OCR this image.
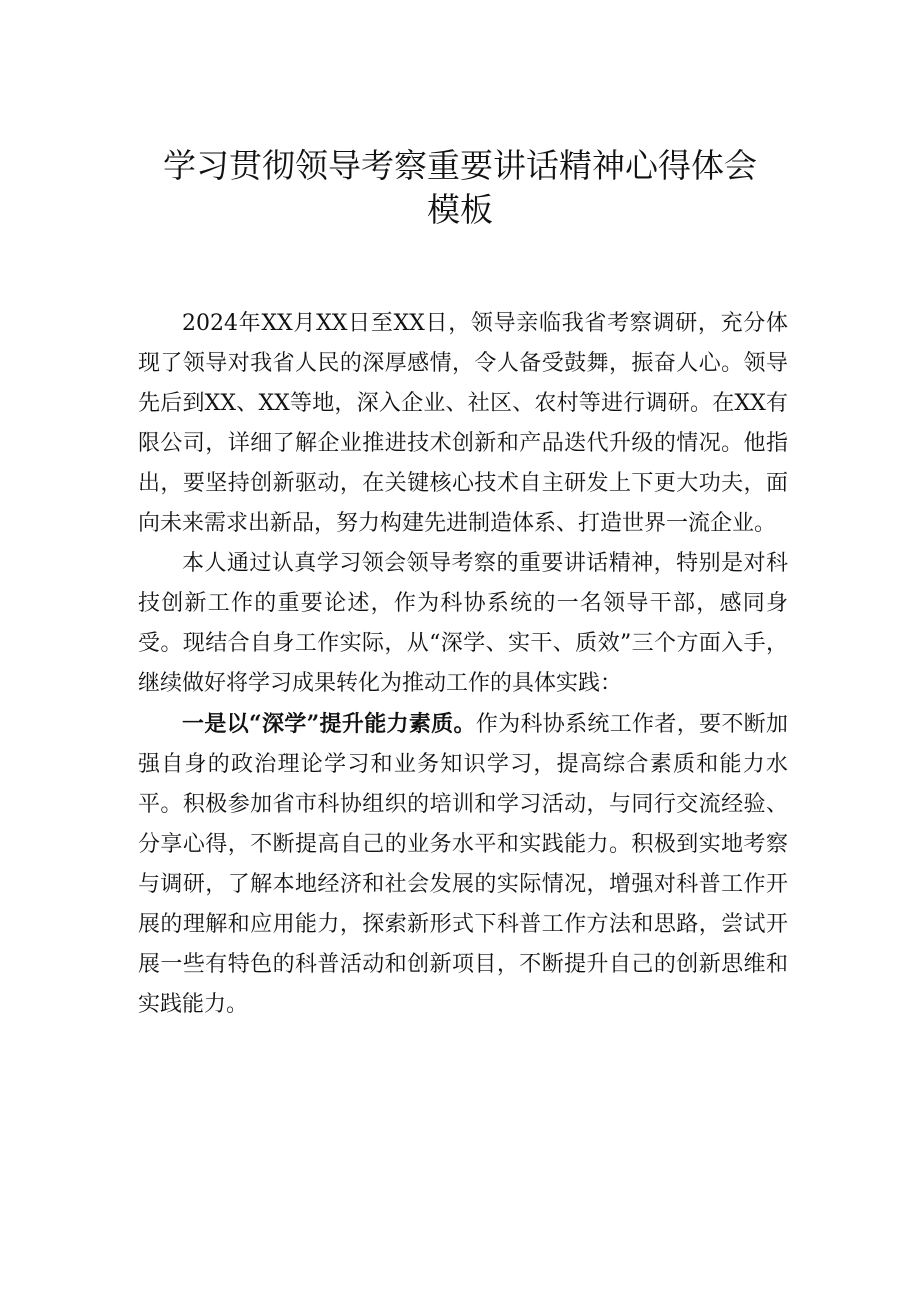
学习贯彻领导考察重要讲话精神心得体会
模板

2024年XX月XX日至XX日，领导亲临我省考察调研，充分体现了领导对我省人民的深厚感情，令人备受鼓舞，振奋人心。领导先后到XX、XX等地，深入企业、社区、农村等进行调研。在XX有限公司，详细了解企业推进技术创新和产品迭代升级的情况。他指出，要坚持创新驱动，在关键核心技术自主研发上下更大功夫，面向未来需求出新品，努力构建先进制造体系、打造世界一流企业。

本人通过认真学习领会领导考察的重要讲话精神，特别是对科技创新工作的重要论述，作为科协系统的一名领导干部，感同身受。现结合自身工作实际，从“深学、实干、质效”三个方面入手，继续做好将学习成果转化为推动工作的具体实践：

一是以“深学”提升能力素质。作为科协系统工作者，要不断加强自身的政治理论学习和业务知识学习，提高综合素质和能力水平。积极参加省市科协组织的培训和学习活动，与同行交流经验、分享心得，不断提高自己的业务水平和实践能力。积极到实地考察与调研，了解本地经济和社会发展的实际情况，增强对科普工作开展的理解和应用能力，探索新形式下科普工作方法和思路，尝试开展一些有特色的科普活动和创新项目，不断提升自己的创新思维和实践能力。
